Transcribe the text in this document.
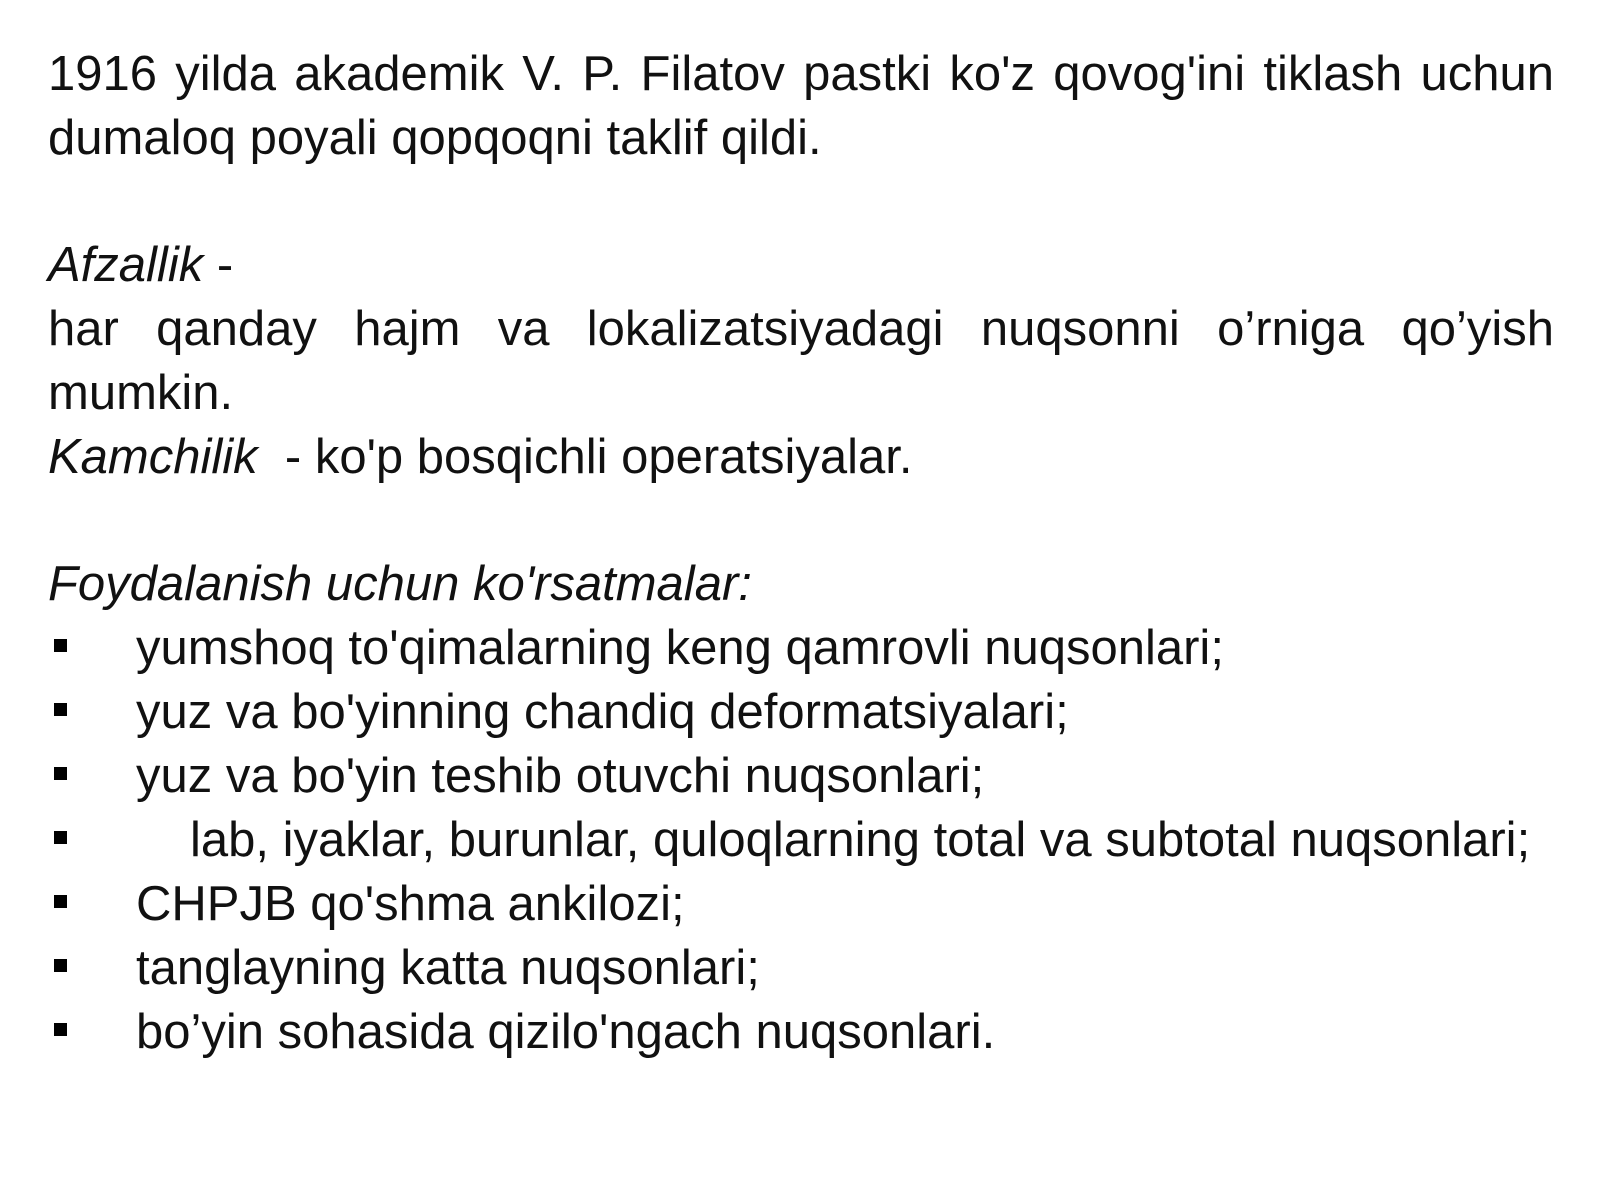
1916 yilda akademik V. P. Filatov pastki ko'z qovog'ini tiklash uchun dumaloq poyali qopqoqni taklif qildi.

Afzallik -

har qanday hajm va lokalizatsiyadagi nuqsonni o’rniga qo’yish mumkin.

Kamchilik  - ko'p bosqichli operatsiyalar.

Foydalanish uchun ko'rsatmalar:

yumshoq to'qimalarning keng qamrovli nuqsonlari;
yuz va bo'yinning chandiq deformatsiyalari;
yuz va bo'yin teshib otuvchi nuqsonlari;
lab, iyaklar, burunlar, quloqlarning total va subtotal nuqsonlari;
CHPJB qo'shma ankilozi;
tanglayning katta nuqsonlari;
bo’yin sohasida qizilo'ngach nuqsonlari.
